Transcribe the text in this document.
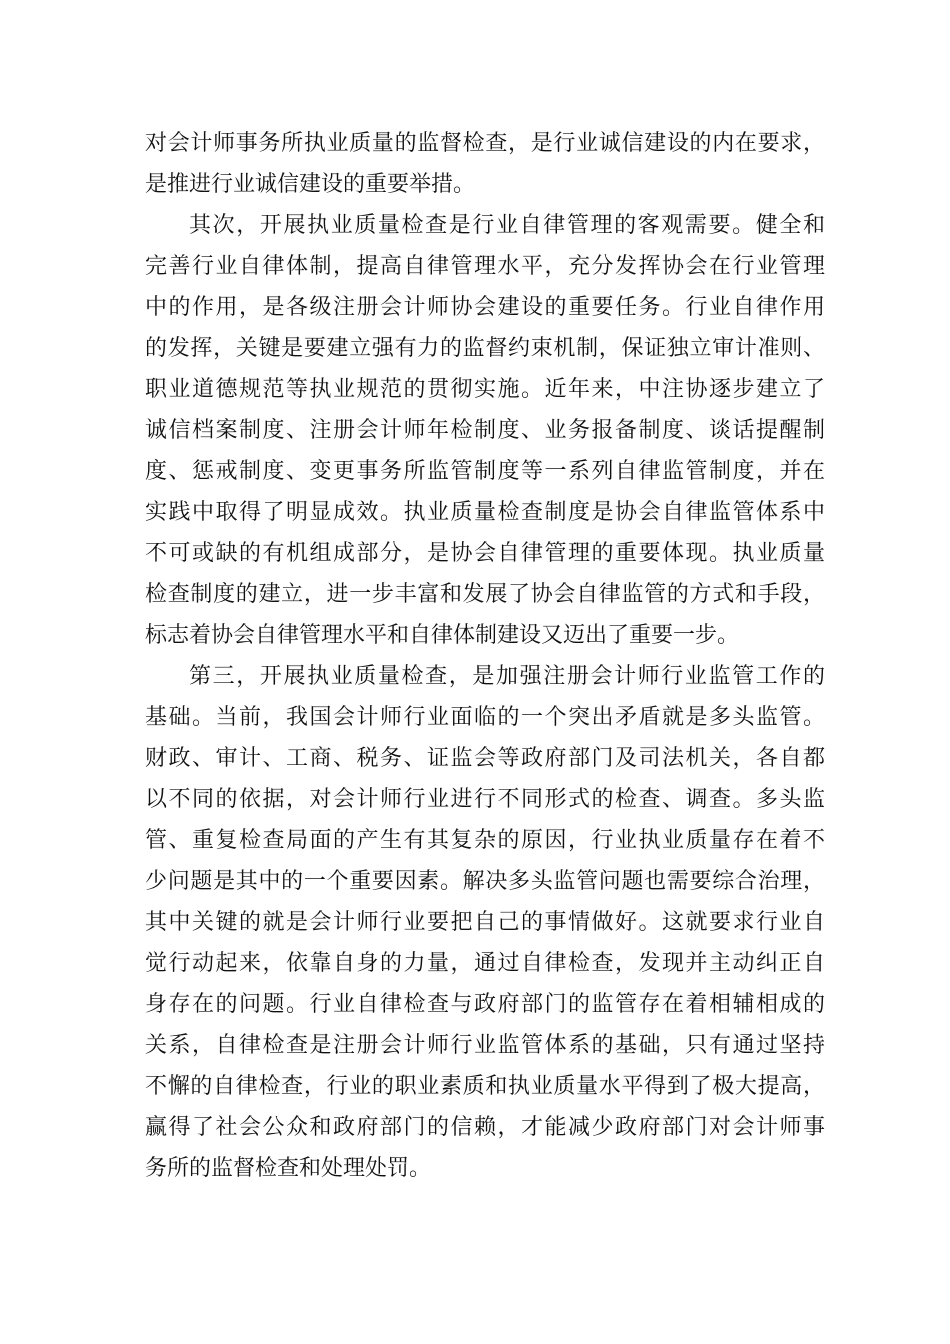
对会计师事务所执业质量的监督检查，是行业诚信建设的内在要求，
是推进行业诚信建设的重要举措。
其次，开展执业质量检查是行业自律管理的客观需要。健全和
完善行业自律体制，提高自律管理水平，充分发挥协会在行业管理
中的作用，是各级注册会计师协会建设的重要任务。行业自律作用
的发挥，关键是要建立强有力的监督约束机制，保证独立审计准则、
职业道德规范等执业规范的贯彻实施。近年来，中注协逐步建立了
诚信档案制度、注册会计师年检制度、业务报备制度、谈话提醒制
度、惩戒制度、变更事务所监管制度等一系列自律监管制度，并在
实践中取得了明显成效。执业质量检查制度是协会自律监管体系中
不可或缺的有机组成部分，是协会自律管理的重要体现。执业质量
检查制度的建立，进一步丰富和发展了协会自律监管的方式和手段，
标志着协会自律管理水平和自律体制建设又迈出了重要一步。
第三，开展执业质量检查，是加强注册会计师行业监管工作的
基础。当前，我国会计师行业面临的一个突出矛盾就是多头监管。
财政、审计、工商、税务、证监会等政府部门及司法机关，各自都
以不同的依据，对会计师行业进行不同形式的检查、调查。多头监
管、重复检查局面的产生有其复杂的原因，行业执业质量存在着不
少问题是其中的一个重要因素。解决多头监管问题也需要综合治理，
其中关键的就是会计师行业要把自己的事情做好。这就要求行业自
觉行动起来，依靠自身的力量，通过自律检查，发现并主动纠正自
身存在的问题。行业自律检查与政府部门的监管存在着相辅相成的
关系，自律检查是注册会计师行业监管体系的基础，只有通过坚持
不懈的自律检查，行业的职业素质和执业质量水平得到了极大提高，
赢得了社会公众和政府部门的信赖，才能减少政府部门对会计师事
务所的监督检查和处理处罚。
